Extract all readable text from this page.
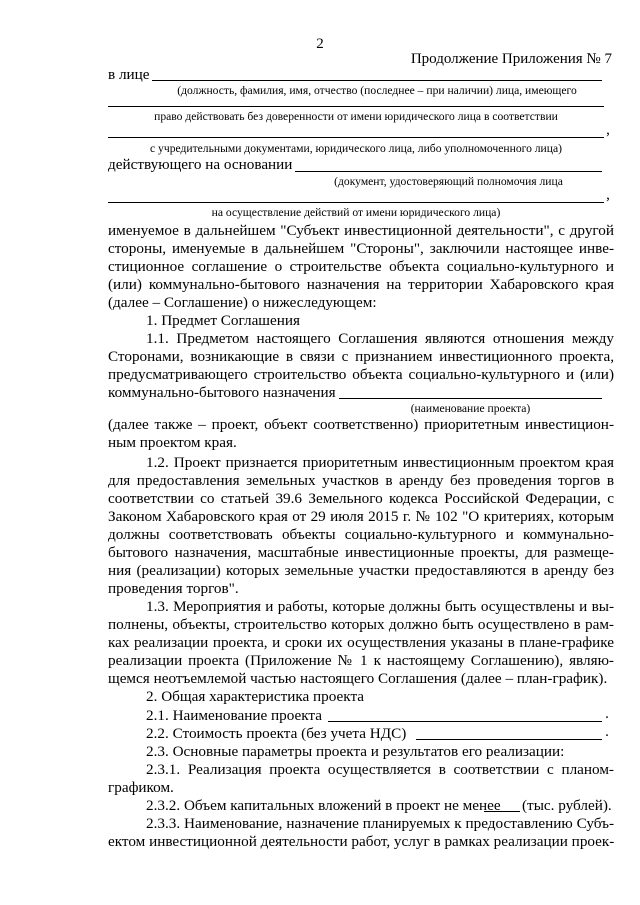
2
Продолжение Приложения № 7
в лице
(должность, фамилия, имя, отчество (последнее – при наличии) лица, имеющего
право действовать без доверенности от имени юридического лица в соответствии
,
с учредительными документами, юридического лица, либо уполномоченного лица)
действующего на основании
(документ, удостоверяющий полномочия лица
,
на осуществление действий от имени юридического лица)
именуемое в дальнейшем "Субъект инвестиционной деятельности", с другой
стороны, именуемые в дальнейшем "Стороны", заключили настоящее инве-
стиционное соглашение о строительстве объекта социально-культурного и
(или) коммунально-бытового назначения на территории Хабаровского края
(далее – Соглашение) о нижеследующем:
1. Предмет Соглашения
1.1. Предметом настоящего Соглашения являются отношения между
Сторонами, возникающие в связи с признанием инвестиционного проекта,
предусматривающего строительство объекта социально-культурного и (или)
коммунально-бытового назначения
(наименование проекта)
(далее также – проект, объект соответственно) приоритетным инвестицион-
ным проектом края.
1.2. Проект признается приоритетным инвестиционным проектом края
для предоставления земельных участков в аренду без проведения торгов в
соответствии со статьей 39.6 Земельного кодекса Российской Федерации, с
Законом Хабаровского края от 29 июля 2015 г. № 102 "О критериях, которым
должны соответствовать объекты социально-культурного и коммунально-
бытового назначения, масштабные инвестиционные проекты, для размеще-
ния (реализации) которых земельные участки предоставляются в аренду без
проведения торгов".
1.3. Мероприятия и работы, которые должны быть осуществлены и вы-
полнены, объекты, строительство которых должно быть осуществлено в рам-
ках реализации проекта, и сроки их осуществления указаны в плане-графике
реализации проекта (Приложение № 1 к настоящему Соглашению), являю-
щемся неотъемлемой частью настоящего Соглашения (далее – план-график).
2. Общая характеристика проекта
2.1. Наименование проекта	.
2.2. Стоимость проекта (без учета НДС)	.
2.3. Основные параметры проекта и результатов его реализации:
2.3.1. Реализация проекта осуществляется в соответствии с планом-
графиком.
2.3.2. Объем капитальных вложений в проект не менее	(тыс. рублей).
2.3.3. Наименование, назначение планируемых к предоставлению Субъ-
ектом инвестиционной деятельности работ, услуг в рамках реализации проек-
